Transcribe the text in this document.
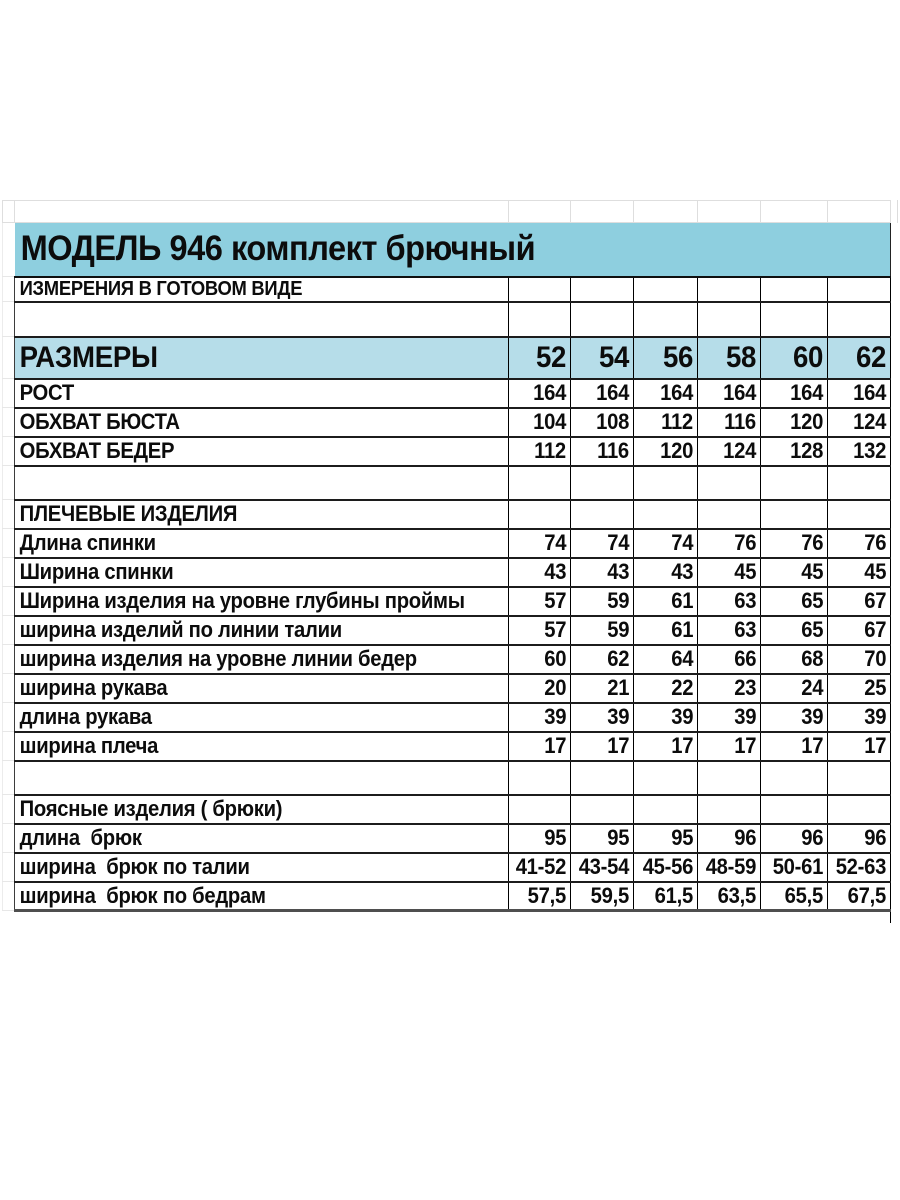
	МОДЕЛЬ 946 комплект брючный						
	ИЗМЕРЕНИЯ В ГОТОВОМ ВИДЕ						

	РАЗМЕРЫ	52	54	56	58	60	62
	РОСТ	164	164	164	164	164	164
	ОБХВАТ БЮСТА	104	108	112	116	120	124
	ОБХВАТ БЕДЕР	112	116	120	124	128	132

	ПЛЕЧЕВЫЕ ИЗДЕЛИЯ						
	Длина спинки	74	74	74	76	76	76
	Ширина спинки	43	43	43	45	45	45
	Ширина изделия на уровне глубины проймы	57	59	61	63	65	67
	ширина изделий по линии талии	57	59	61	63	65	67
	ширина изделия на уровне линии бедер	60	62	64	66	68	70
	ширина рукава	20	21	22	23	24	25
	длина рукава	39	39	39	39	39	39
	ширина плеча	17	17	17	17	17	17

	Поясные изделия ( брюки)						
	длина  брюк	95	95	95	96	96	96
	ширина  брюк по талии	41-52	43-54	45-56	48-59	50-61	52-63
	ширина  брюк по бедрам	57,5	59,5	61,5	63,5	65,5	67,5
